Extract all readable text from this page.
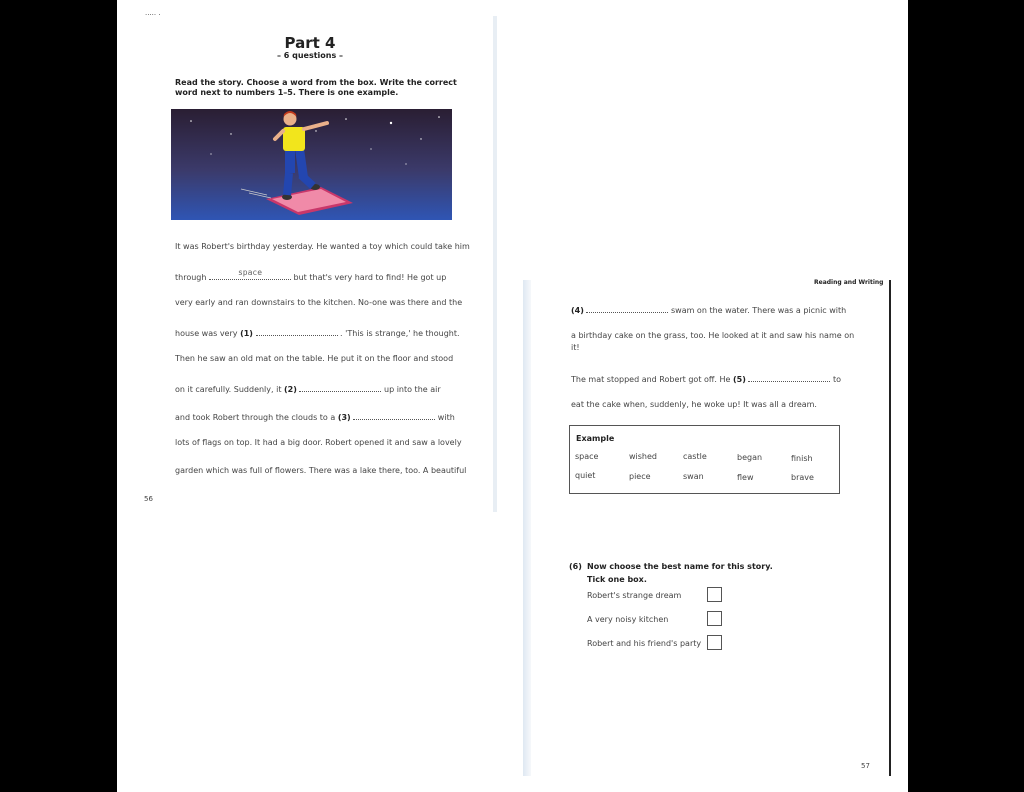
..... .
Part 4
– 6 questions –
Read the story. Choose a word from the box. Write the correct
word next to numbers 1–5. There is one example.
It was Robert's birthday yesterday. He wanted a toy which could take him
through
space
but that's very hard to find! He got up
very early and ran downstairs to the kitchen. No-one was there and the
house was very (1)	. 'This is strange,' he thought.
Then he saw an old mat on the table. He put it on the floor and stood
on it carefully. Suddenly, it (2)	up into the air
and took Robert through the clouds to a (3)	with
lots of flags on top. It had a big door. Robert opened it and saw a lovely
garden which was full of flowers. There was a lake there, too. A beautiful
56
Reading and Writing
(4)	swam on the water. There was a picnic with
a birthday cake on the grass, too. He looked at it and saw his name on
it!
The mat stopped and Robert got off. He (5)	to
eat the cake when, suddenly, he woke up! It was all a dream.
Example
space	wished	castle	began	finish
quiet	piece	swan	flew	brave
(6) Now choose the best name for this story.
Tick one box.
Robert's strange dream
A very noisy kitchen
Robert and his friend's party
57
